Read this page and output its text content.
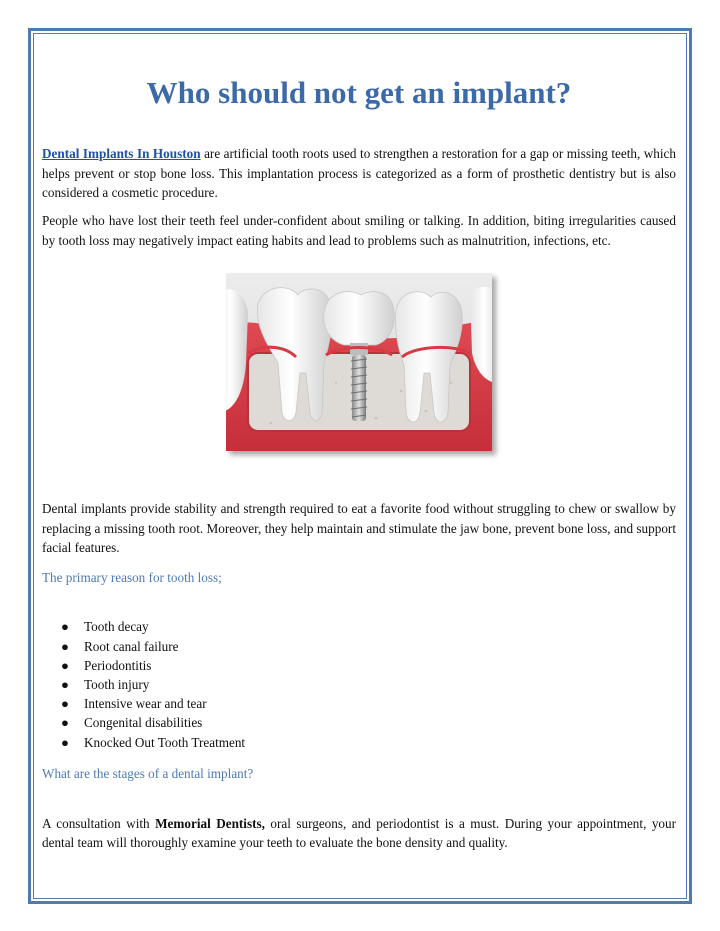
Who should not get an implant?

Dental Implants In Houston are artificial tooth roots used to strengthen a restoration for a gap or missing teeth, which helps prevent or stop bone loss. This implantation process is categorized as a form of prosthetic dentistry but is also considered a cosmetic procedure.

People who have lost their teeth feel under-confident about smiling or talking. In addition, biting irregularities caused by tooth loss may negatively impact eating habits and lead to problems such as malnutrition, infections, etc.

Dental implants provide stability and strength required to eat a favorite food without struggling to chew or swallow by replacing a missing tooth root. Moreover, they help maintain and stimulate the jaw bone, prevent bone loss, and support facial features.

The primary reason for tooth loss;

● Tooth decay
● Root canal failure
● Periodontitis
● Tooth injury
● Intensive wear and tear
● Congenital disabilities
● Knocked Out Tooth Treatment

What are the stages of a dental implant?

A consultation with Memorial Dentists, oral surgeons, and periodontist is a must. During your appointment, your dental team will thoroughly examine your teeth to evaluate the bone density and quality.
